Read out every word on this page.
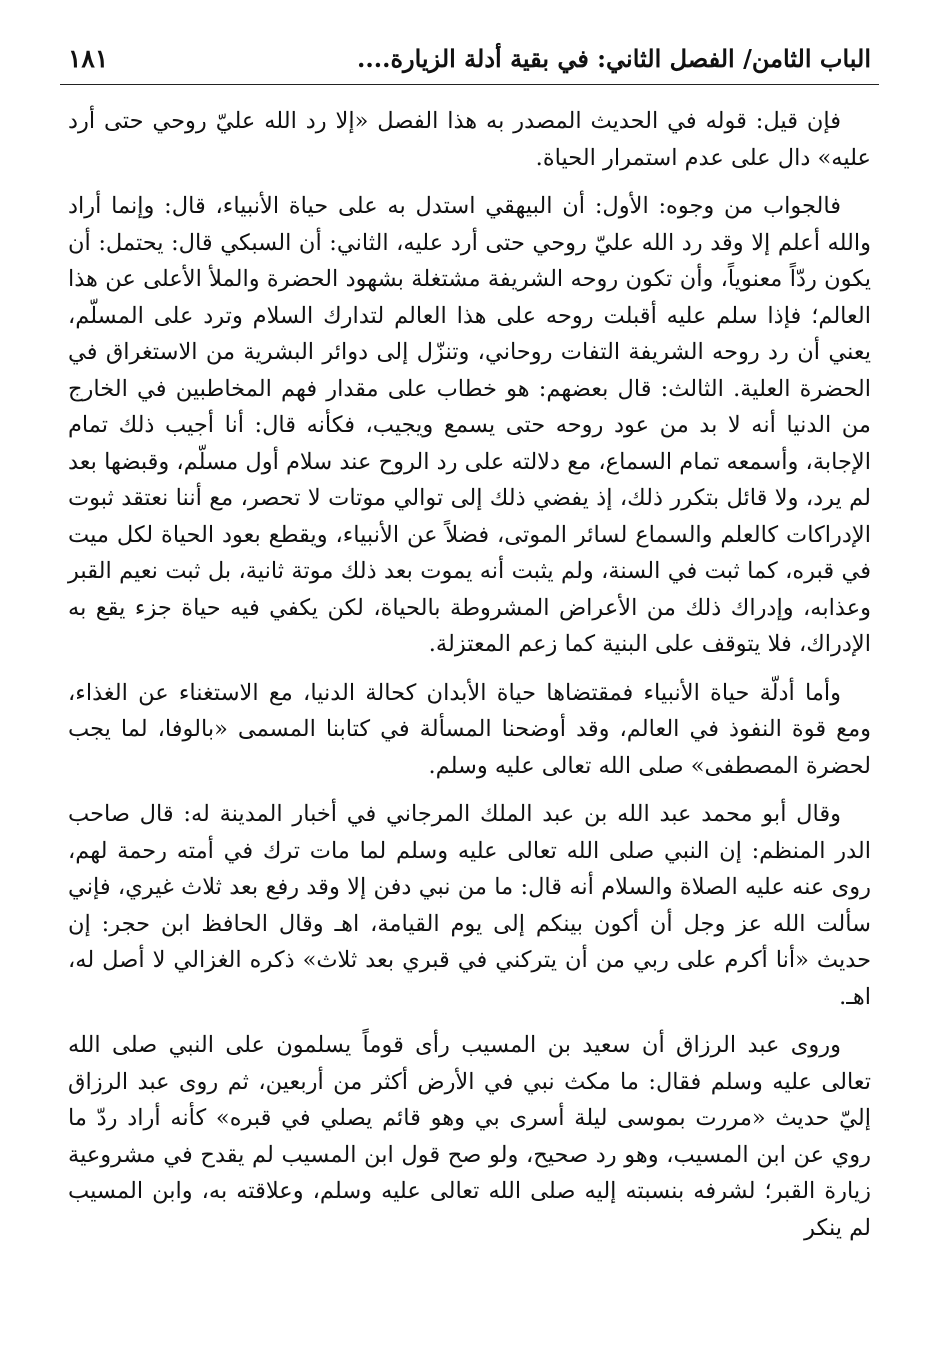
١٨١	الباب الثامن/ الفصل الثاني: في بقية أدلة الزيارة....

فإن قيل: قوله في الحديث المصدر به هذا الفصل «إلا رد الله عليّ روحي حتى أرد عليه» دال على عدم استمرار الحياة.

فالجواب من وجوه: الأول: أن البيهقي استدل به على حياة الأنبياء، قال: وإنما أراد والله أعلم إلا وقد رد الله عليّ روحي حتى أرد عليه، الثاني: أن السبكي قال: يحتمل: أن يكون ردّاً معنوياً، وأن تكون روحه الشريفة مشتغلة بشهود الحضرة والملأ الأعلى عن هذا العالم؛ فإذا سلم عليه أقبلت روحه على هذا العالم لتدارك السلام وترد على المسلّم، يعني أن رد روحه الشريفة التفات روحاني، وتنزّل إلى دوائر البشرية من الاستغراق في الحضرة العلية. الثالث: قال بعضهم: هو خطاب على مقدار فهم المخاطبين في الخارج من الدنيا أنه لا بد من عود روحه حتى يسمع ويجيب، فكأنه قال: أنا أجيب ذلك تمام الإجابة، وأسمعه تمام السماع، مع دلالته على رد الروح عند سلام أول مسلّم، وقبضها بعد لم يرد، ولا قائل بتكرر ذلك، إذ يفضي ذلك إلى توالي موتات لا تحصر، مع أننا نعتقد ثبوت الإدراكات كالعلم والسماع لسائر الموتى، فضلاً عن الأنبياء، ويقطع بعود الحياة لكل ميت في قبره، كما ثبت في السنة، ولم يثبت أنه يموت بعد ذلك موتة ثانية، بل ثبت نعيم القبر وعذابه، وإدراك ذلك من الأعراض المشروطة بالحياة، لكن يكفي فيه حياة جزء يقع به الإدراك، فلا يتوقف على البنية كما زعم المعتزلة.

وأما أدلّة حياة الأنبياء فمقتضاها حياة الأبدان كحالة الدنيا، مع الاستغناء عن الغذاء، ومع قوة النفوذ في العالم، وقد أوضحنا المسألة في كتابنا المسمى «بالوفا، لما يجب لحضرة المصطفى» صلى الله تعالى عليه وسلم.

وقال أبو محمد عبد الله بن عبد الملك المرجاني في أخبار المدينة له: قال صاحب الدر المنظم: إن النبي صلى الله تعالى عليه وسلم لما مات ترك في أمته رحمة لهم، روى عنه عليه الصلاة والسلام أنه قال: ما من نبي دفن إلا وقد رفع بعد ثلاث غيري، فإني سألت الله عز وجل أن أكون بينكم إلى يوم القيامة، اهـ وقال الحافظ ابن حجر: إن حديث «أنا أكرم على ربي من أن يتركني في قبري بعد ثلاث» ذكره الغزالي لا أصل له، اهـ.

وروى عبد الرزاق أن سعيد بن المسيب رأى قوماً يسلمون على النبي صلى الله تعالى عليه وسلم فقال: ما مكث نبي في الأرض أكثر من أربعين، ثم روى عبد الرزاق إليّ حديث «مررت بموسى ليلة أسرى بي وهو قائم يصلي في قبره» كأنه أراد ردّ ما روي عن ابن المسيب، وهو رد صحيح، ولو صح قول ابن المسيب لم يقدح في مشروعية زيارة القبر؛ لشرفه بنسبته إليه صلى الله تعالى عليه وسلم، وعلاقته به، وابن المسيب لم ينكر
